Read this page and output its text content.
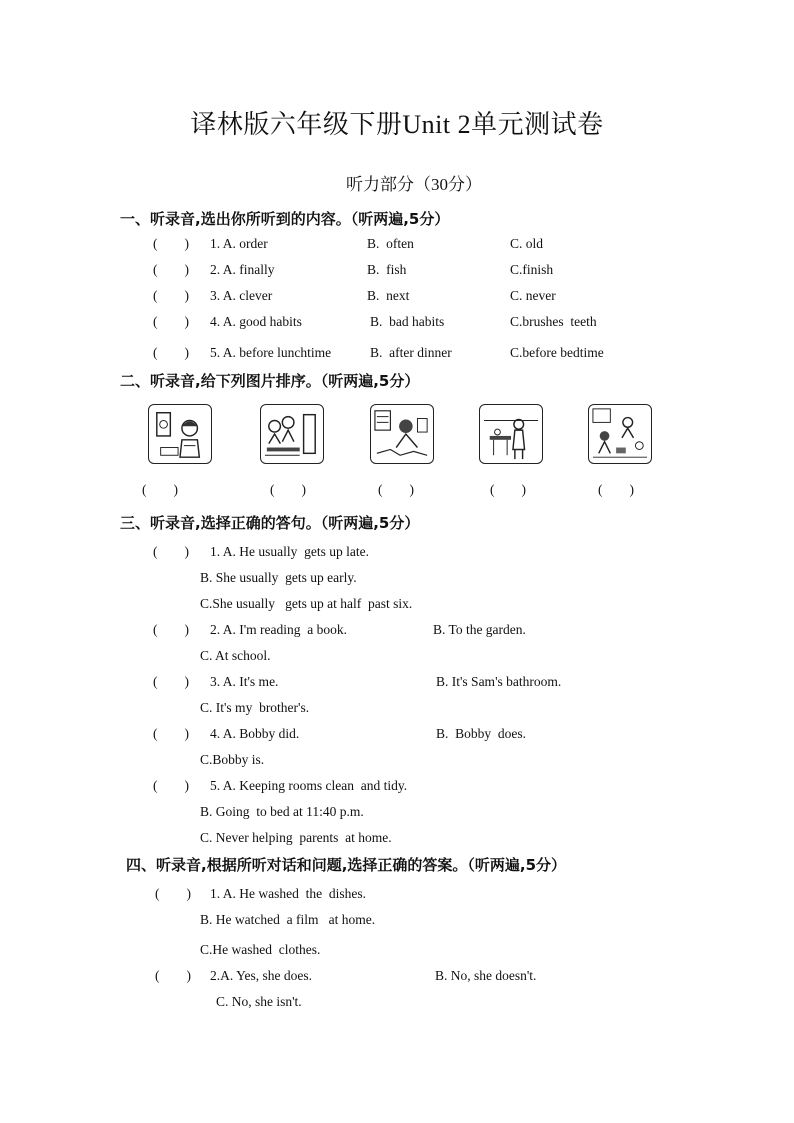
译林版六年级下册Unit 2单元测试卷
听力部分（30分）
一、听录音,选出你所听到的内容。（听两遍,5分）
(        ) 1. A. order	B.  often	C. old
(        ) 2. A. finally	B.  fish	C.finish
(        ) 3. A. clever	B.  next	C. never
(        ) 4. A. good habits	B.  bad habits	C.brushes  teeth
(        ) 5. A. before lunchtime	B.  after dinner	C.before bedtime
二、听录音,给下列图片排序。（听两遍,5分）
(        )	(        )	(        )	(        )	(        )
三、听录音,选择正确的答句。（听两遍,5分）
(        ) 1. A. He usually  gets up late.
B. She usually  gets up early.
C.She usually   gets up at half  past six.
(        ) 2. A. I'm reading  a book.	B. To the garden.
C. At school.
(        ) 3. A. It's me.	B. It's Sam's bathroom.
C. It's my  brother's.
(        ) 4. A. Bobby did.	B.  Bobby  does.
C.Bobby is.
(        ) 5. A. Keeping rooms clean  and tidy.
B. Going  to bed at 11:40 p.m.
C. Never helping  parents  at home.
四、听录音,根据所听对话和问题,选择正确的答案。（听两遍,5分）
(        ) 1. A. He washed  the  dishes.
B. He watched  a film   at home.
C.He washed  clothes.
(        ) 2.A. Yes, she does.	B. No, she doesn't.
C. No, she isn't.
